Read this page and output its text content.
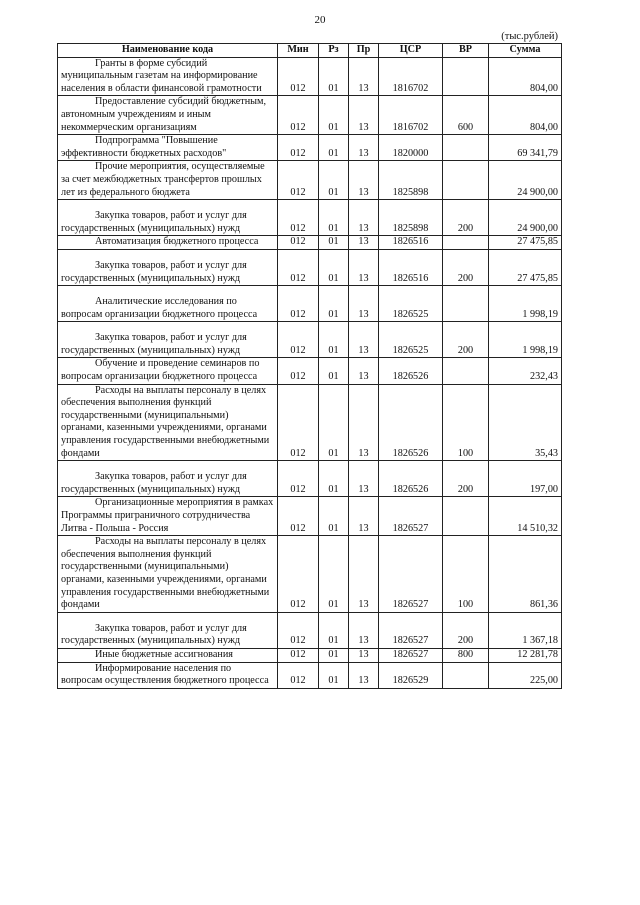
20
(тыс.рублей)
Наименование кода	Мин	Рз	Пр	ЦСР	ВР	Сумма
Гранты в форме субсидий муниципальным газетам на информирование населения в области финансовой грамотности	012	01	13	1816702		804,00
Предоставление субсидий бюджетным, автономным учреждениям и иным некоммерческим организациям	012	01	13	1816702	600	804,00
Подпрограмма "Повышение эффективности бюджетных расходов"	012	01	13	1820000		69 341,79
Прочие мероприятия, осуществляемые за счет межбюджетных трансфертов прошлых лет из федерального бюджета	012	01	13	1825898		24 900,00
Закупка товаров, работ и услуг для государственных (муниципальных) нужд	012	01	13	1825898	200	24 900,00
Автоматизация бюджетного процесса	012	01	13	1826516		27 475,85
Закупка товаров, работ и услуг для государственных (муниципальных) нужд	012	01	13	1826516	200	27 475,85
Аналитические исследования по вопросам организации бюджетного процесса	012	01	13	1826525		1 998,19
Закупка товаров, работ и услуг для государственных (муниципальных) нужд	012	01	13	1826525	200	1 998,19
Обучение и проведение семинаров по вопросам организации бюджетного процесса	012	01	13	1826526		232,43
Расходы на выплаты персоналу в целях обеспечения выполнения функций государственными (муниципальными) органами, казенными учреждениями, органами управления государственными внебюджетными фондами	012	01	13	1826526	100	35,43
Закупка товаров, работ и услуг для государственных (муниципальных) нужд	012	01	13	1826526	200	197,00
Организационные мероприятия в рамках Программы приграничного сотрудничества Литва - Польша - Россия	012	01	13	1826527		14 510,32
Расходы на выплаты персоналу в целях обеспечения выполнения функций государственными (муниципальными) органами, казенными учреждениями, органами управления государственными внебюджетными фондами	012	01	13	1826527	100	861,36
Закупка товаров, работ и услуг для государственных (муниципальных) нужд	012	01	13	1826527	200	1 367,18
Иные бюджетные ассигнования	012	01	13	1826527	800	12 281,78
Информирование населения по вопросам осуществления бюджетного процесса	012	01	13	1826529		225,00
